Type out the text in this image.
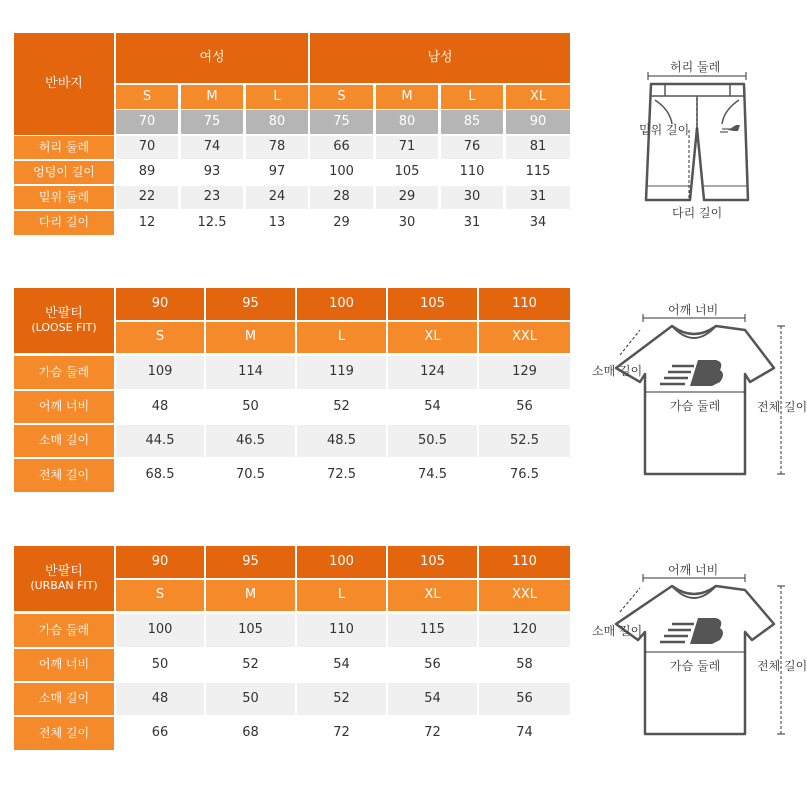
반바지
여성	남성
S	M	L	S	M	L	XL
70	75	80	75	80	85	90
허리 둘레	70	74	78	66	71	76	81
엉덩이 길이	89	93	97	100	105	110	115
밑위 둘레	22	23	24	28	29	30	31
다리 길이	12	12.5	13	29	30	31	34
허리 둘레
밑위 길이
다리 길이
반팔티
(LOOSE FIT)
90	95	100	105	110
S	M	L	XL	XXL
가슴 둘레	109	114	119	124	129
어깨 너비	48	50	52	54	56
소매 길이	44.5	46.5	48.5	50.5	52.5
전체 길이	68.5	70.5	72.5	74.5	76.5
어깨 너비
소매 길이
가슴 둘레	전체 길이
반팔티
(URBAN FIT)
90	95	100	105	110
S	M	L	XL	XXL
가슴 둘레	100	105	110	115	120
어깨 너비	50	52	54	56	58
소매 길이	48	50	52	54	56
전체 길이	66	68	72	72	74
어깨 너비
소매 길이
가슴 둘레	전체 길이
